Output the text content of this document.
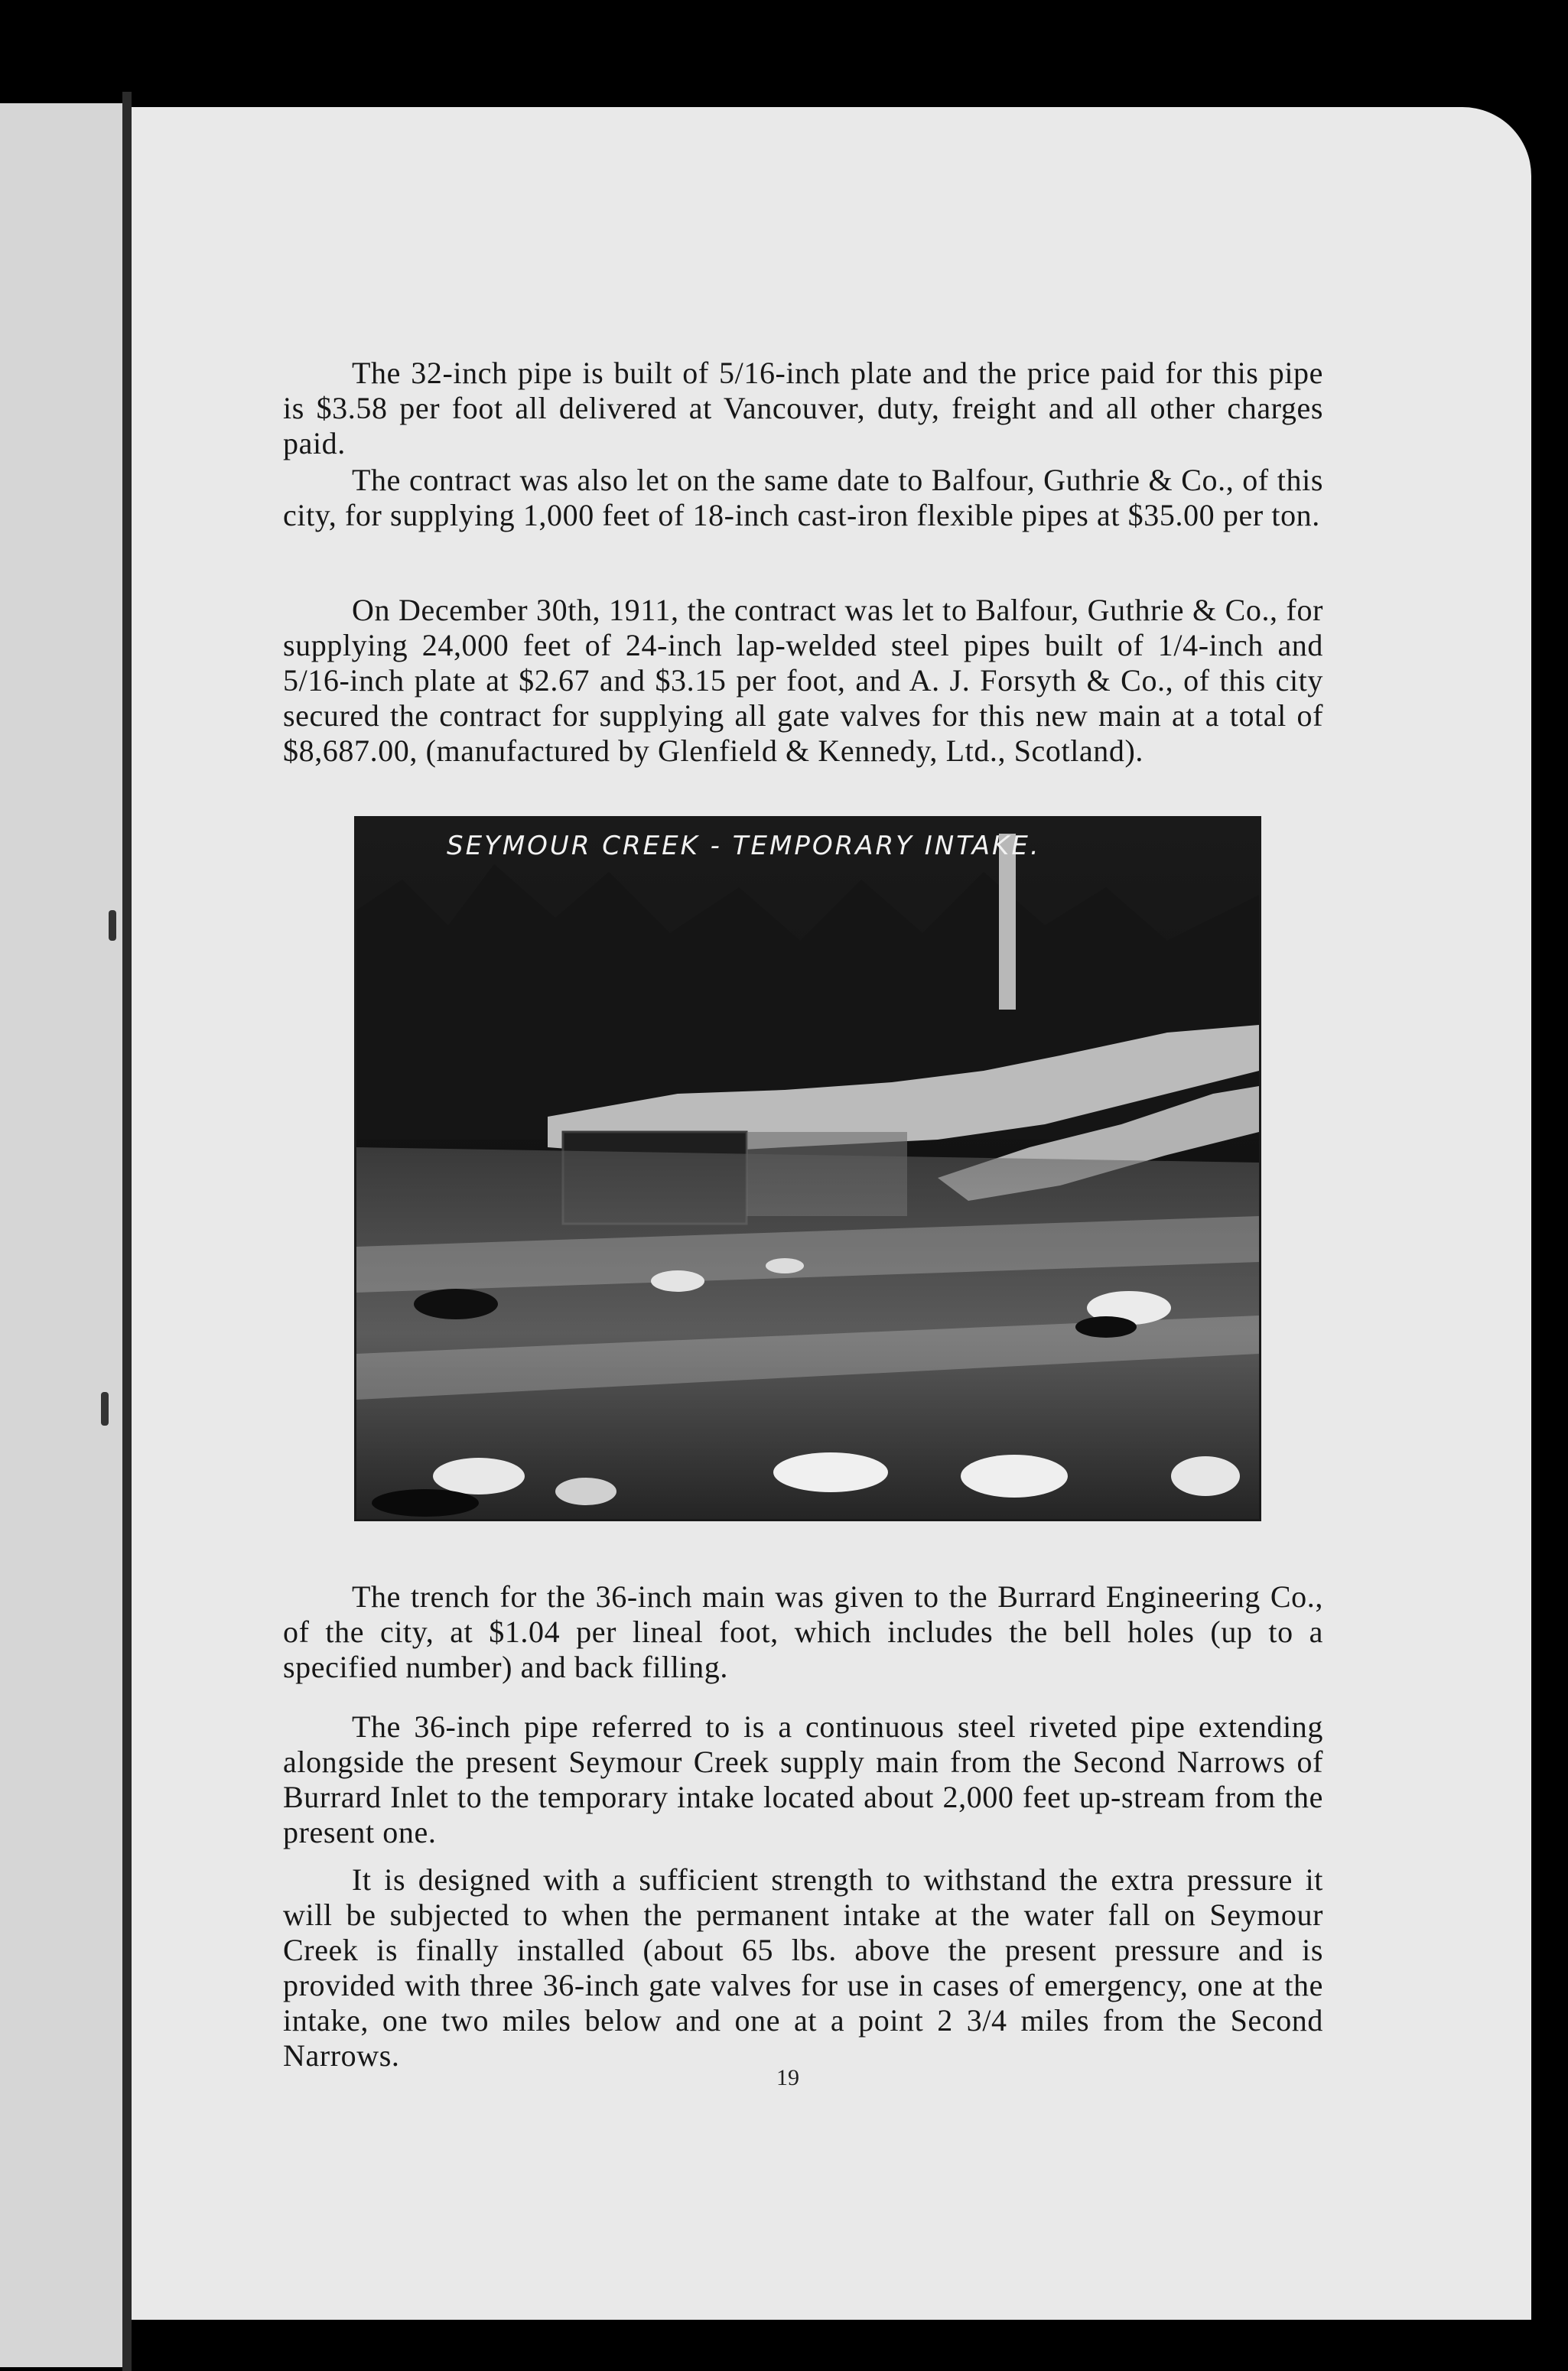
The 32-inch pipe is built of 5/16-inch plate and the price paid for this pipe is $3.58 per foot all delivered at Vancouver, duty, freight and all other charges paid.

The contract was also let on the same date to Balfour, Guthrie & Co., of this city, for supplying 1,000 feet of 18-inch cast-iron flexible pipes at $35.00 per ton.

On December 30th, 1911, the contract was let to Balfour, Guthrie & Co., for supplying 24,000 feet of 24-inch lap-welded steel pipes built of 1/4-inch and 5/16-inch plate at $2.67 and $3.15 per foot, and A. J. Forsyth & Co., of this city secured the contract for supplying all gate valves for this new main at a total of $8,687.00, (manufactured by Glenfield & Kennedy, Ltd., Scotland).

SEYMOUR CREEK - TEMPORARY INTAKE.

The trench for the 36-inch main was given to the Burrard Engineering Co., of the city, at $1.04 per lineal foot, which includes the bell holes (up to a specified number) and back filling.

The 36-inch pipe referred to is a continuous steel riveted pipe extending alongside the present Seymour Creek supply main from the Second Narrows of Burrard Inlet to the temporary intake located about 2,000 feet up-stream from the present one.

It is designed with a sufficient strength to withstand the extra pressure it will be subjected to when the permanent intake at the water fall on Seymour Creek is finally installed (about 65 lbs. above the present pressure and is provided with three 36-inch gate valves for use in cases of emergency, one at the intake, one two miles below and one at a point 2 3/4 miles from the Second Narrows.

19
